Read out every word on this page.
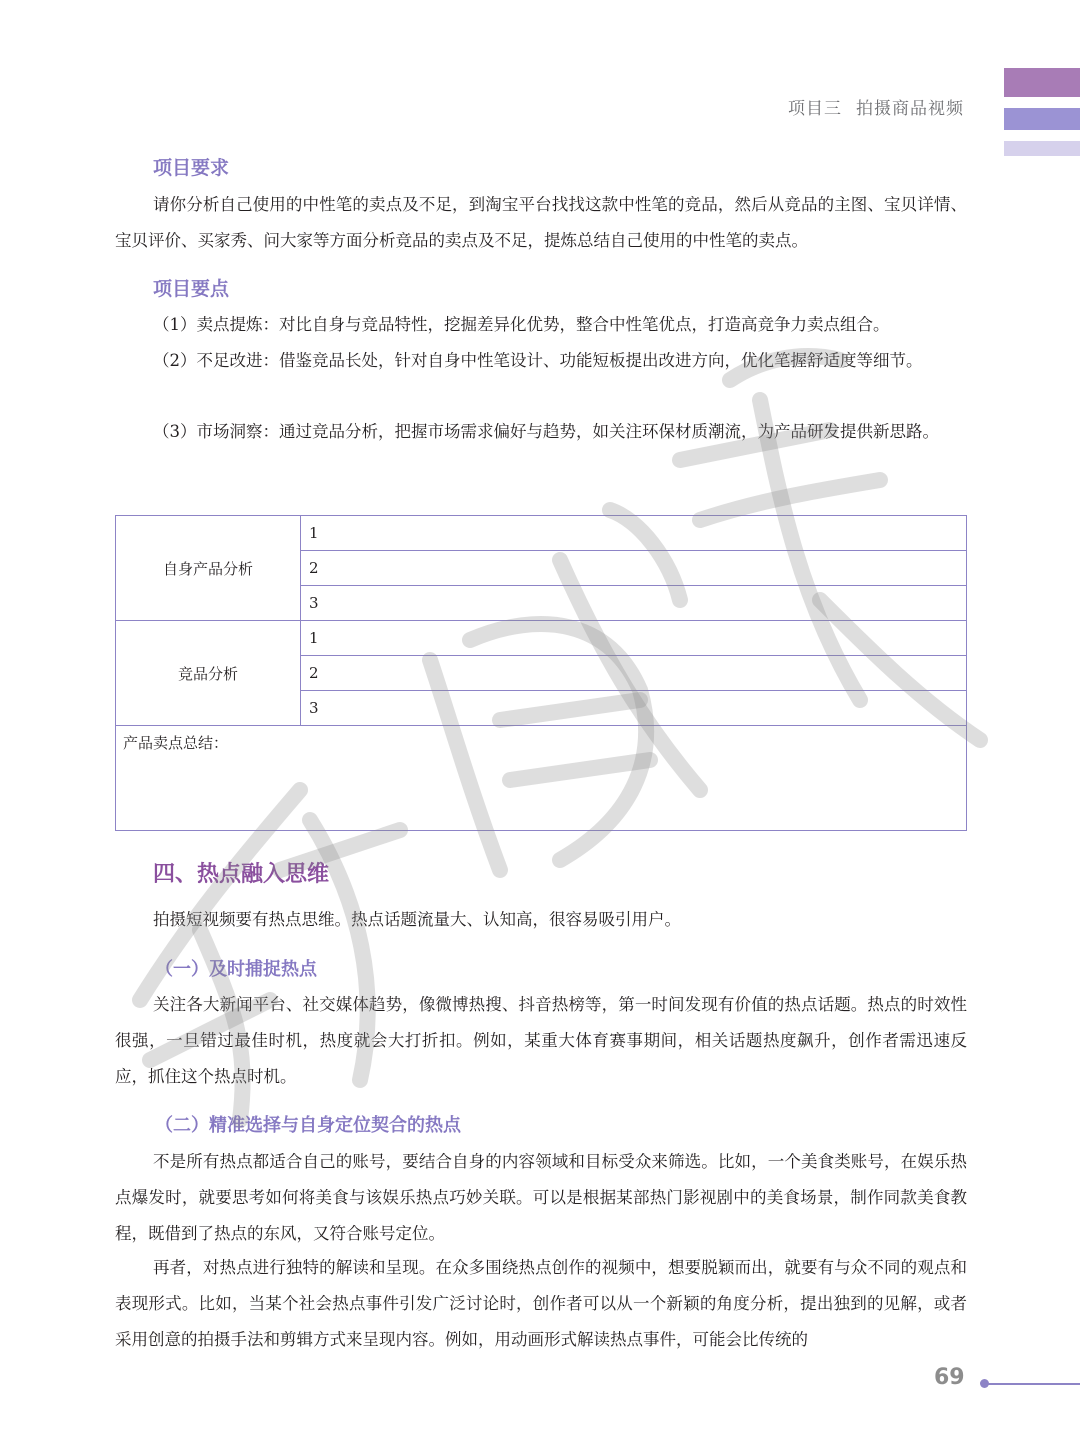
项目三 拍摄商品视频
项目要求

请你分析自己使用的中性笔的卖点及不足，到淘宝平台找找这款中性笔的竞品，然后从竞品的主图、宝贝详情、宝贝评价、买家秀、问大家等方面分析竞品的卖点及不足，提炼总结自己使用的中性笔的卖点。

项目要点

（1）卖点提炼：对比自身与竞品特性，挖掘差异化优势，整合中性笔优点，打造高竞争力卖点组合。

（2）不足改进：借鉴竞品长处，针对自身中性笔设计、功能短板提出改进方向，优化笔握舒适度等细节。

（3）市场洞察：通过竞品分析，把握市场需求偏好与趋势，如关注环保材质潮流，为产品研发提供新思路。

自身产品分析	1
	2
	3
竞品分析	1
	2
	3
产品卖点总结：	
四、热点融入思维

拍摄短视频要有热点思维。热点话题流量大、认知高，很容易吸引用户。

（一）及时捕捉热点

关注各大新闻平台、社交媒体趋势，像微博热搜、抖音热榜等，第一时间发现有价值的热点话题。热点的时效性很强，一旦错过最佳时机，热度就会大打折扣。例如，某重大体育赛事期间，相关话题热度飙升，创作者需迅速反应，抓住这个热点时机。

（二）精准选择与自身定位契合的热点

不是所有热点都适合自己的账号，要结合自身的内容领域和目标受众来筛选。比如，一个美食类账号，在娱乐热点爆发时，就要思考如何将美食与该娱乐热点巧妙关联。可以是根据某部热门影视剧中的美食场景，制作同款美食教程，既借到了热点的东风，又符合账号定位。

再者，对热点进行独特的解读和呈现。在众多围绕热点创作的视频中，想要脱颖而出，就要有与众不同的观点和表现形式。比如，当某个社会热点事件引发广泛讨论时，创作者可以从一个新颖的角度分析，提出独到的见解，或者采用创意的拍摄手法和剪辑方式来呈现内容。例如，用动画形式解读热点事件，可能会比传统的

69
